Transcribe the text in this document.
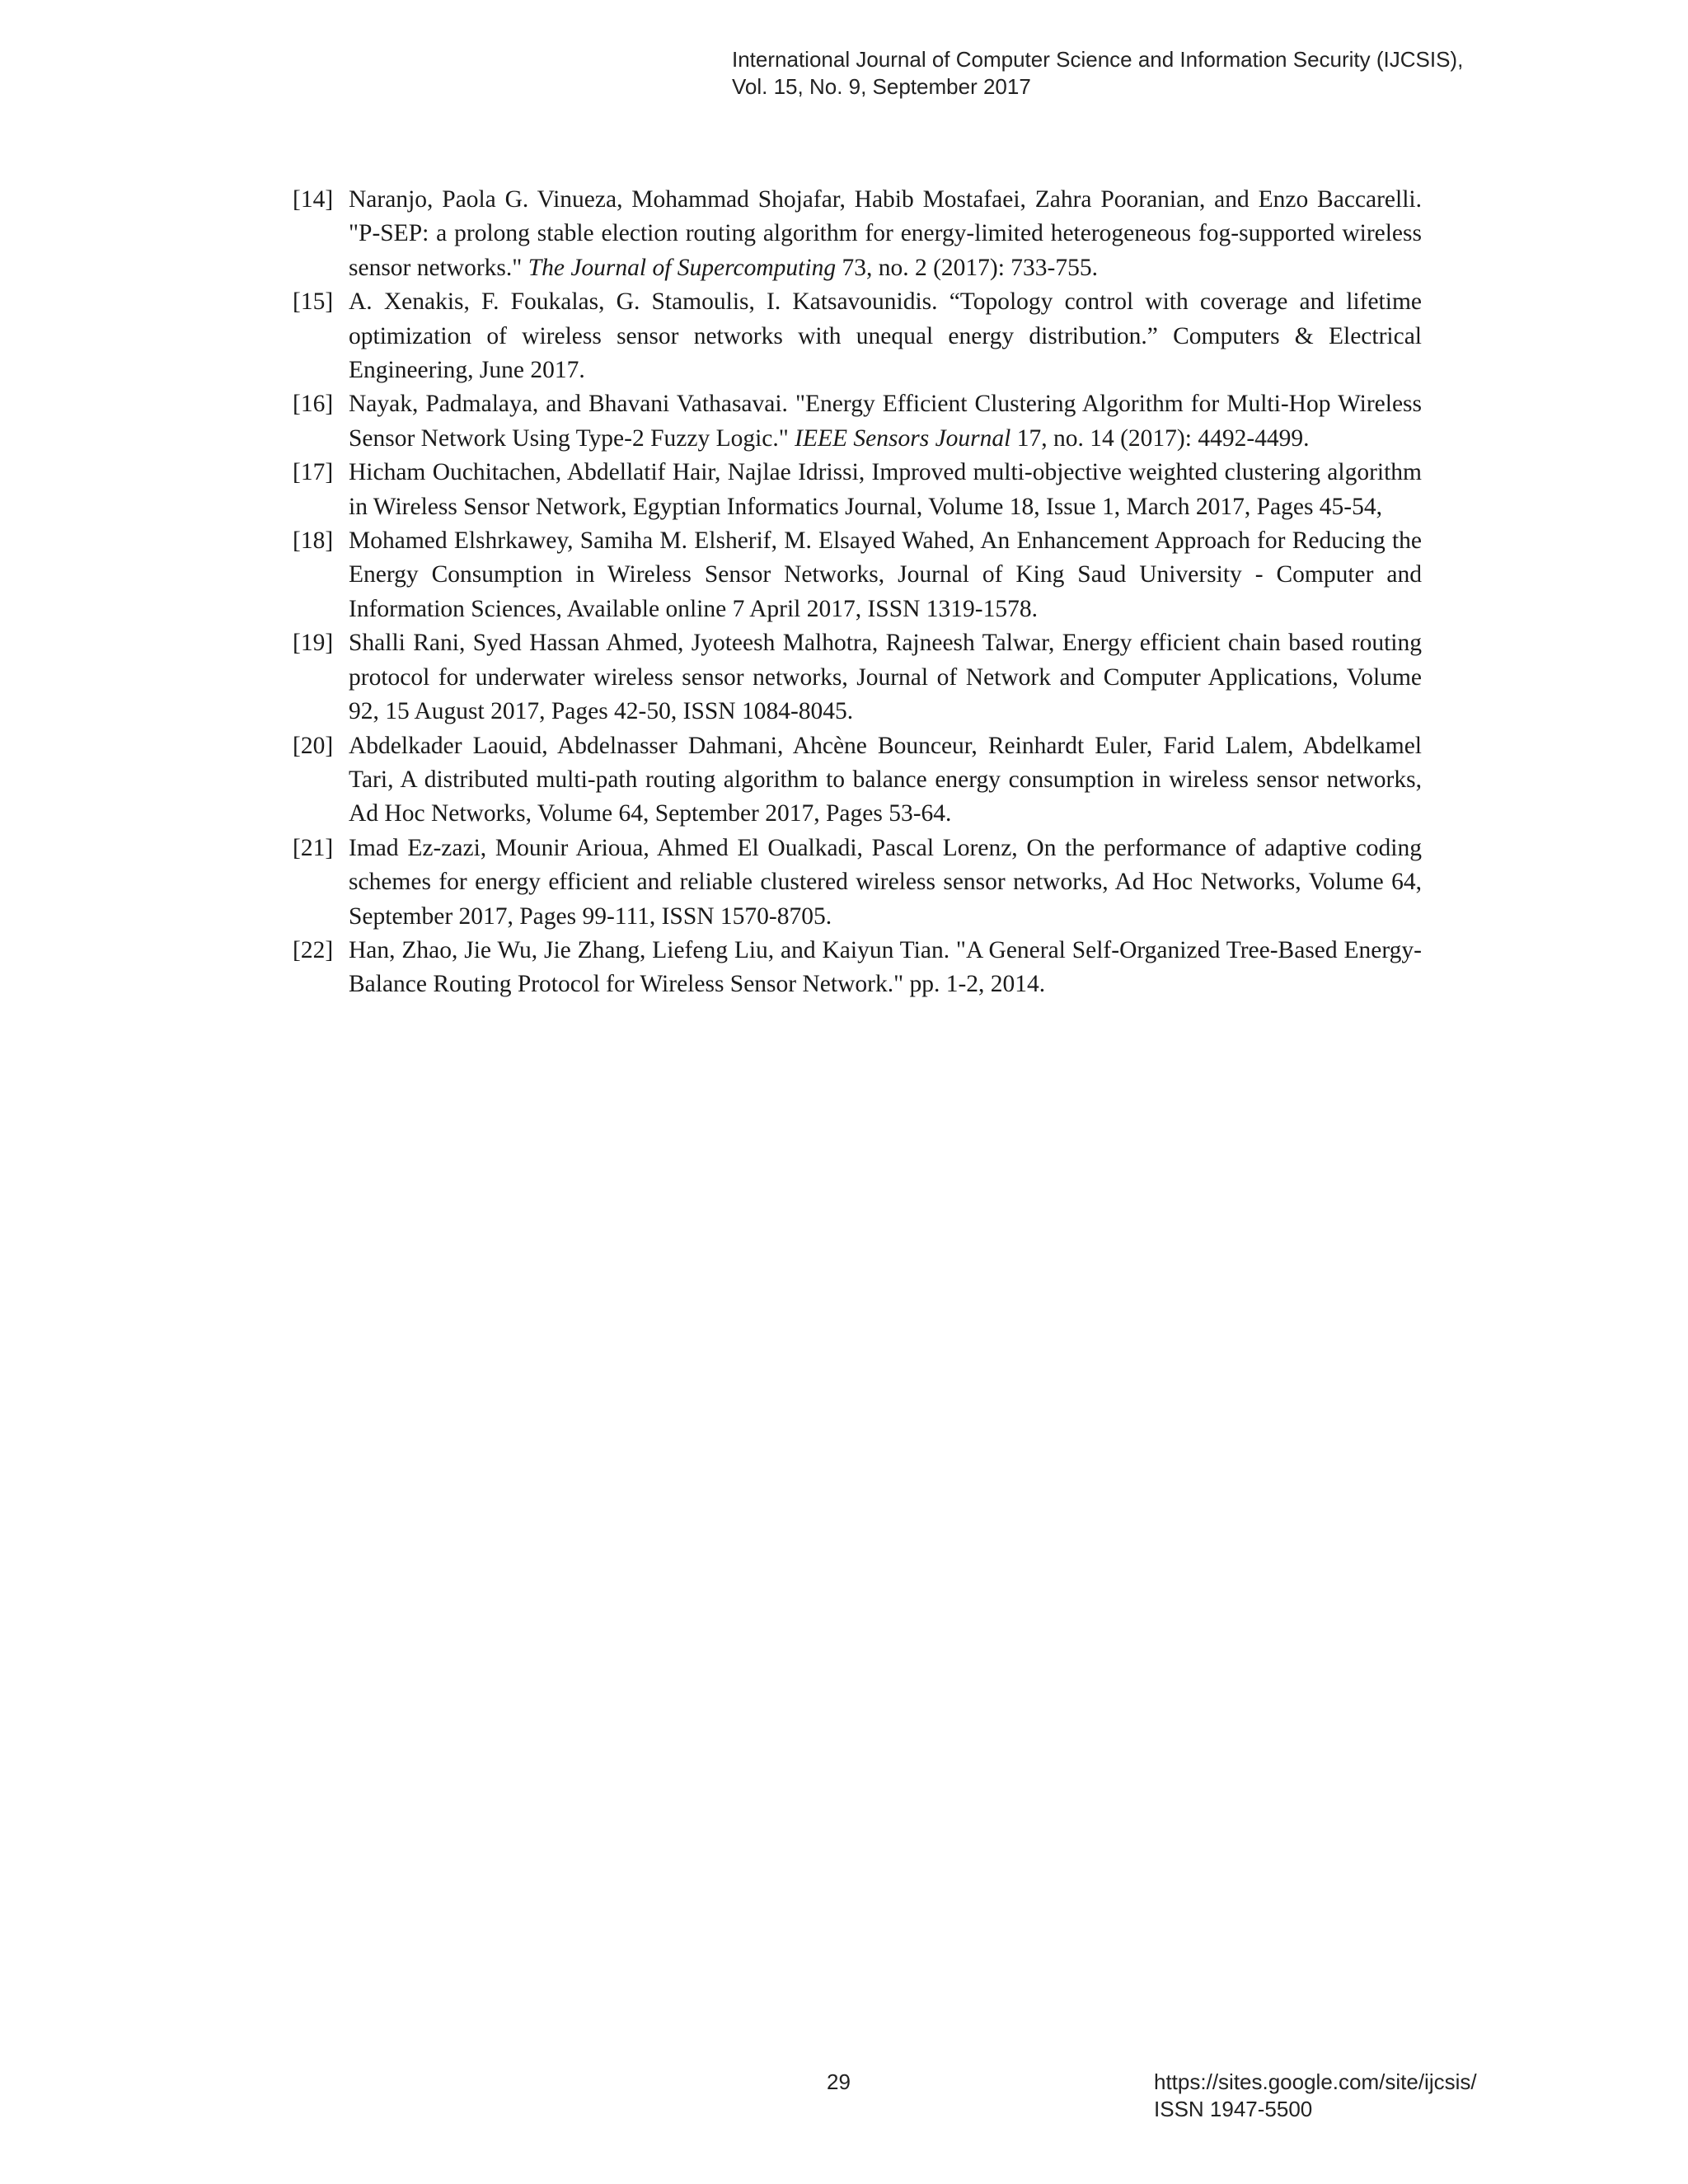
International Journal of Computer Science and Information Security (IJCSIS),
Vol. 15, No. 9, September 2017

[14] Naranjo, Paola G. Vinueza, Mohammad Shojafar, Habib Mostafaei, Zahra Pooranian, and Enzo Baccarelli. "P-SEP: a prolong stable election routing algorithm for energy-limited heterogeneous fog-supported wireless sensor networks." The Journal of Supercomputing 73, no. 2 (2017): 733-755.

[15] A. Xenakis, F. Foukalas, G. Stamoulis, I. Katsavounidis. “Topology control with coverage and lifetime optimization of wireless sensor networks with unequal energy distribution.” Computers & Electrical Engineering, June 2017.

[16] Nayak, Padmalaya, and Bhavani Vathasavai. "Energy Efficient Clustering Algorithm for Multi-Hop Wireless Sensor Network Using Type-2 Fuzzy Logic." IEEE Sensors Journal 17, no. 14 (2017): 4492-4499.

[17] Hicham Ouchitachen, Abdellatif Hair, Najlae Idrissi, Improved multi-objective weighted clustering algorithm in Wireless Sensor Network, Egyptian Informatics Journal, Volume 18, Issue 1, March 2017, Pages 45-54,

[18] Mohamed Elshrkawey, Samiha M. Elsherif, M. Elsayed Wahed, An Enhancement Approach for Reducing the Energy Consumption in Wireless Sensor Networks, Journal of King Saud University - Computer and Information Sciences, Available online 7 April 2017, ISSN 1319-1578.

[19] Shalli Rani, Syed Hassan Ahmed, Jyoteesh Malhotra, Rajneesh Talwar, Energy efficient chain based routing protocol for underwater wireless sensor networks, Journal of Network and Computer Applications, Volume 92, 15 August 2017, Pages 42-50, ISSN 1084-8045.

[20] Abdelkader Laouid, Abdelnasser Dahmani, Ahcène Bounceur, Reinhardt Euler, Farid Lalem, Abdelkamel Tari, A distributed multi-path routing algorithm to balance energy consumption in wireless sensor networks, Ad Hoc Networks, Volume 64, September 2017, Pages 53-64.

[21] Imad Ez-zazi, Mounir Arioua, Ahmed El Oualkadi, Pascal Lorenz, On the performance of adaptive coding schemes for energy efficient and reliable clustered wireless sensor networks, Ad Hoc Networks, Volume 64, September 2017, Pages 99-111, ISSN 1570-8705.

[22] Han, Zhao, Jie Wu, Jie Zhang, Liefeng Liu, and Kaiyun Tian. "A General Self-Organized Tree-Based Energy-Balance Routing Protocol for Wireless Sensor Network." pp. 1-2, 2014.

29	https://sites.google.com/site/ijcsis/
ISSN 1947-5500
